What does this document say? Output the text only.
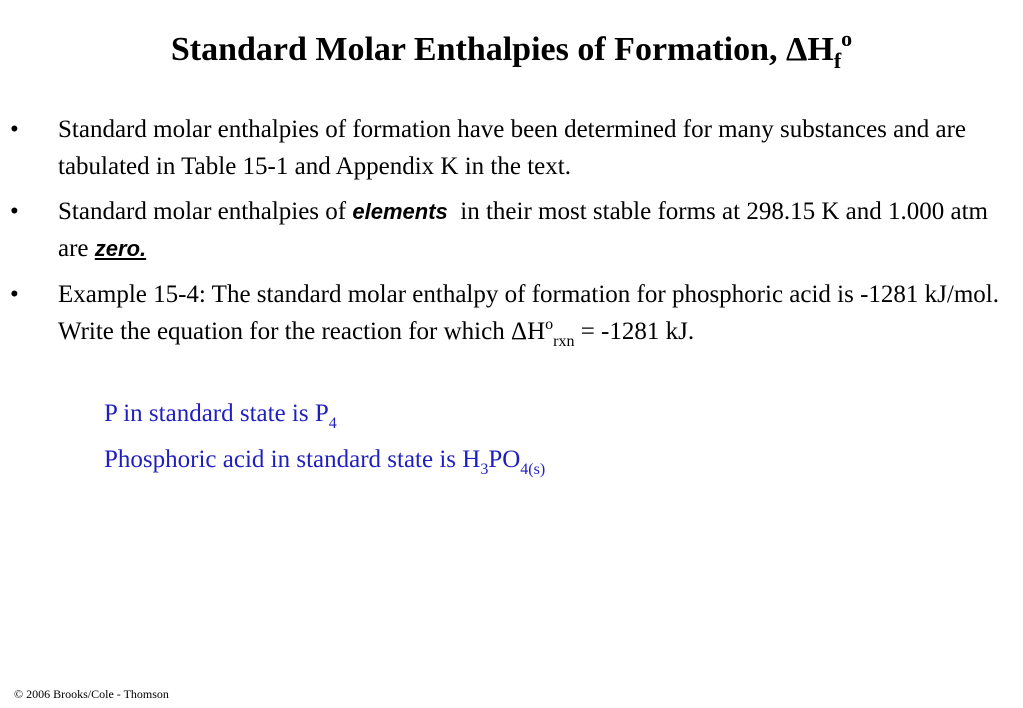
Standard Molar Enthalpies of Formation, $\Delta H_f^o$
•	Standard molar enthalpies of formation have been determined for many substances and are tabulated in Table 15-1 and Appendix K in the text.
•	Standard molar enthalpies of elements  in their most stable forms at 298.15 K and 1.000 atm are zero.
•	Example 15-4: The standard molar enthalpy of formation for phosphoric acid is -1281 kJ/mol.  Write the equation for the reaction for which $\Delta H^o_{rxn} = -1281$ kJ.
P in standard state is $P_4$
Phosphoric acid in standard state is $H_3PO_{4(s)}$
© 2006 Brooks/Cole - Thomson
